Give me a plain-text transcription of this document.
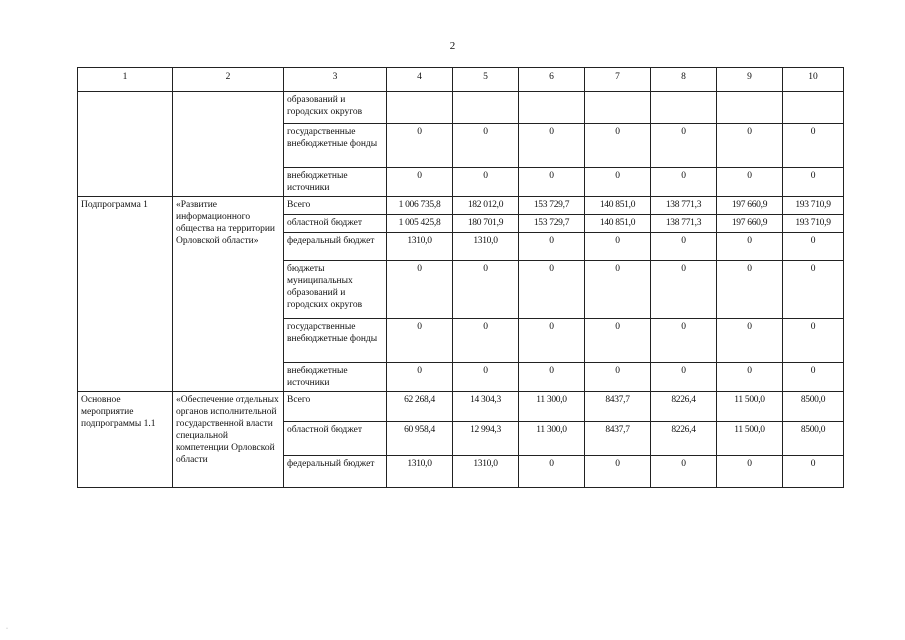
2
1	2	3	4	5	6	7	8	9	10
		образований и городских округов							
		государственные внебюджетные фонды	0	0	0	0	0	0	0
		внебюджетные источники	0	0	0	0	0	0	0
Подпрограмма 1	«Развитие информационного общества на территории Орловской области»	Всего	1 006 735,8	182 012,0	153 729,7	140 851,0	138 771,3	197 660,9	193 710,9
		областной бюджет	1 005 425,8	180 701,9	153 729,7	140 851,0	138 771,3	197 660,9	193 710,9
		федеральный бюджет	1310,0	1310,0	0	0	0	0	0
		бюджеты муниципальных образований и городских округов	0	0	0	0	0	0	0
		государственные внебюджетные фонды	0	0	0	0	0	0	0
		внебюджетные источники	0	0	0	0	0	0	0
Основное мероприятие подпрограммы 1.1	«Обеспечение отдельных органов исполнительной государственной власти специальной компетенции Орловской области	Всего	62 268,4	14 304,3	11 300,0	8437,7	8226,4	11 500,0	8500,0
		областной бюджет	60 958,4	12 994,3	11 300,0	8437,7	8226,4	11 500,0	8500,0
		федеральный бюджет	1310,0	1310,0	0	0	0	0	0
·
